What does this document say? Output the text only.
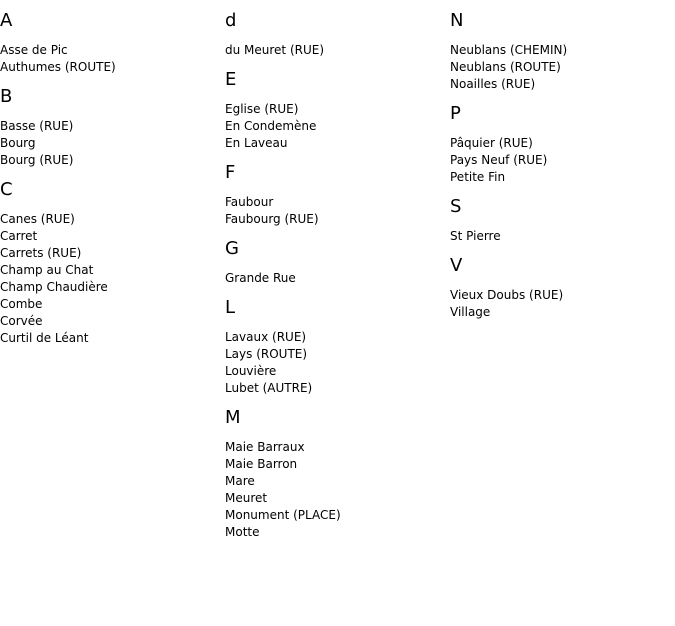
A
Asse de Pic
Authumes (ROUTE)
B
Basse (RUE)
Bourg
Bourg (RUE)
C
Canes (RUE)
Carret
Carrets (RUE)
Champ au Chat
Champ Chaudière
Combe
Corvée
Curtil de Léant
d
du Meuret (RUE)
E
Eglise (RUE)
En Condemène
En Laveau
F
Faubour
Faubourg (RUE)
G
Grande Rue
L
Lavaux (RUE)
Lays (ROUTE)
Louvière
Lubet (AUTRE)
M
Maie Barraux
Maie Barron
Mare
Meuret
Monument (PLACE)
Motte
N
Neublans (CHEMIN)
Neublans (ROUTE)
Noailles (RUE)
P
Pâquier (RUE)
Pays Neuf (RUE)
Petite Fin
S
St Pierre
V
Vieux Doubs (RUE)
Village
